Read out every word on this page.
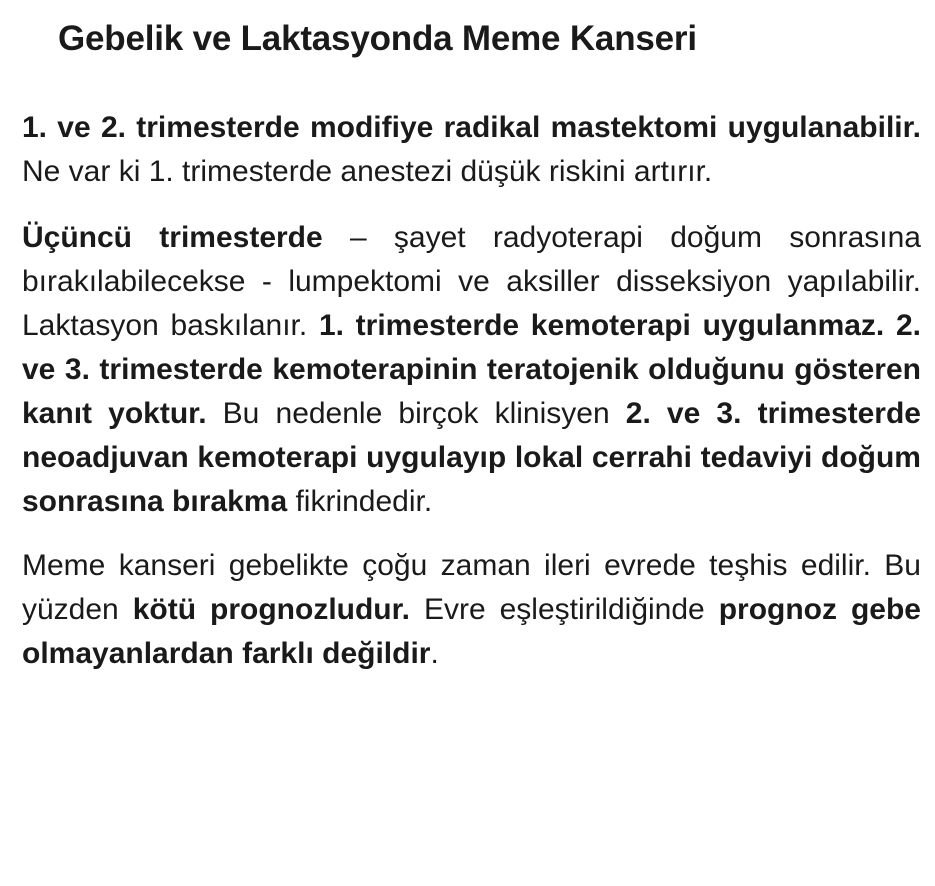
Gebelik ve Laktasyonda Meme Kanseri

1. ve 2. trimesterde modifiye radikal mastektomi uygulanabilir. Ne var ki 1. trimesterde anestezi düşük riskini artırır.

Üçüncü trimesterde – şayet radyoterapi doğum sonrasına bırakılabilecekse - lumpektomi ve aksiller disseksiyon yapılabilir. Laktasyon baskılanır. 1. trimesterde kemoterapi uygulanmaz. 2. ve 3. trimesterde kemoterapinin teratojenik olduğunu gösteren kanıt yoktur. Bu nedenle birçok klinisyen 2. ve 3. trimesterde neoadjuvan kemoterapi uygulayıp lokal cerrahi tedaviyi doğum sonrasına bırakma fikrindedir.

Meme kanseri gebelikte çoğu zaman ileri evrede teşhis edilir. Bu yüzden kötü prognozludur. Evre eşleştirildiğinde prognoz gebe olmayanlardan farklı değildir.
